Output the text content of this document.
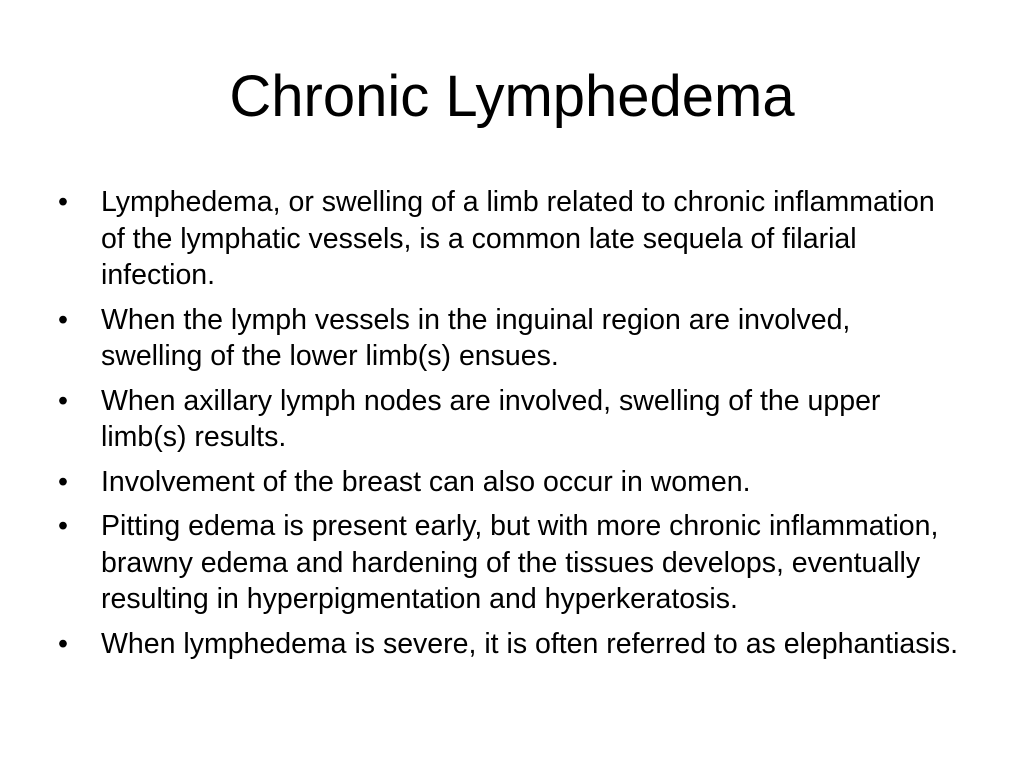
Chronic Lymphedema
•	Lymphedema, or swelling of a limb related to chronic inflammation of the lymphatic vessels, is a common late sequela of filarial infection.
•	When the lymph vessels in the inguinal region are involved, swelling of the lower limb(s) ensues.
•	When axillary lymph nodes are involved, swelling of the upper limb(s) results.
•	Involvement of the breast can also occur in women.
•	Pitting edema is present early, but with more chronic inflammation, brawny edema and hardening of the tissues develops, eventually resulting in hyperpigmentation and hyperkeratosis.
•	When lymphedema is severe, it is often referred to as elephantiasis.
